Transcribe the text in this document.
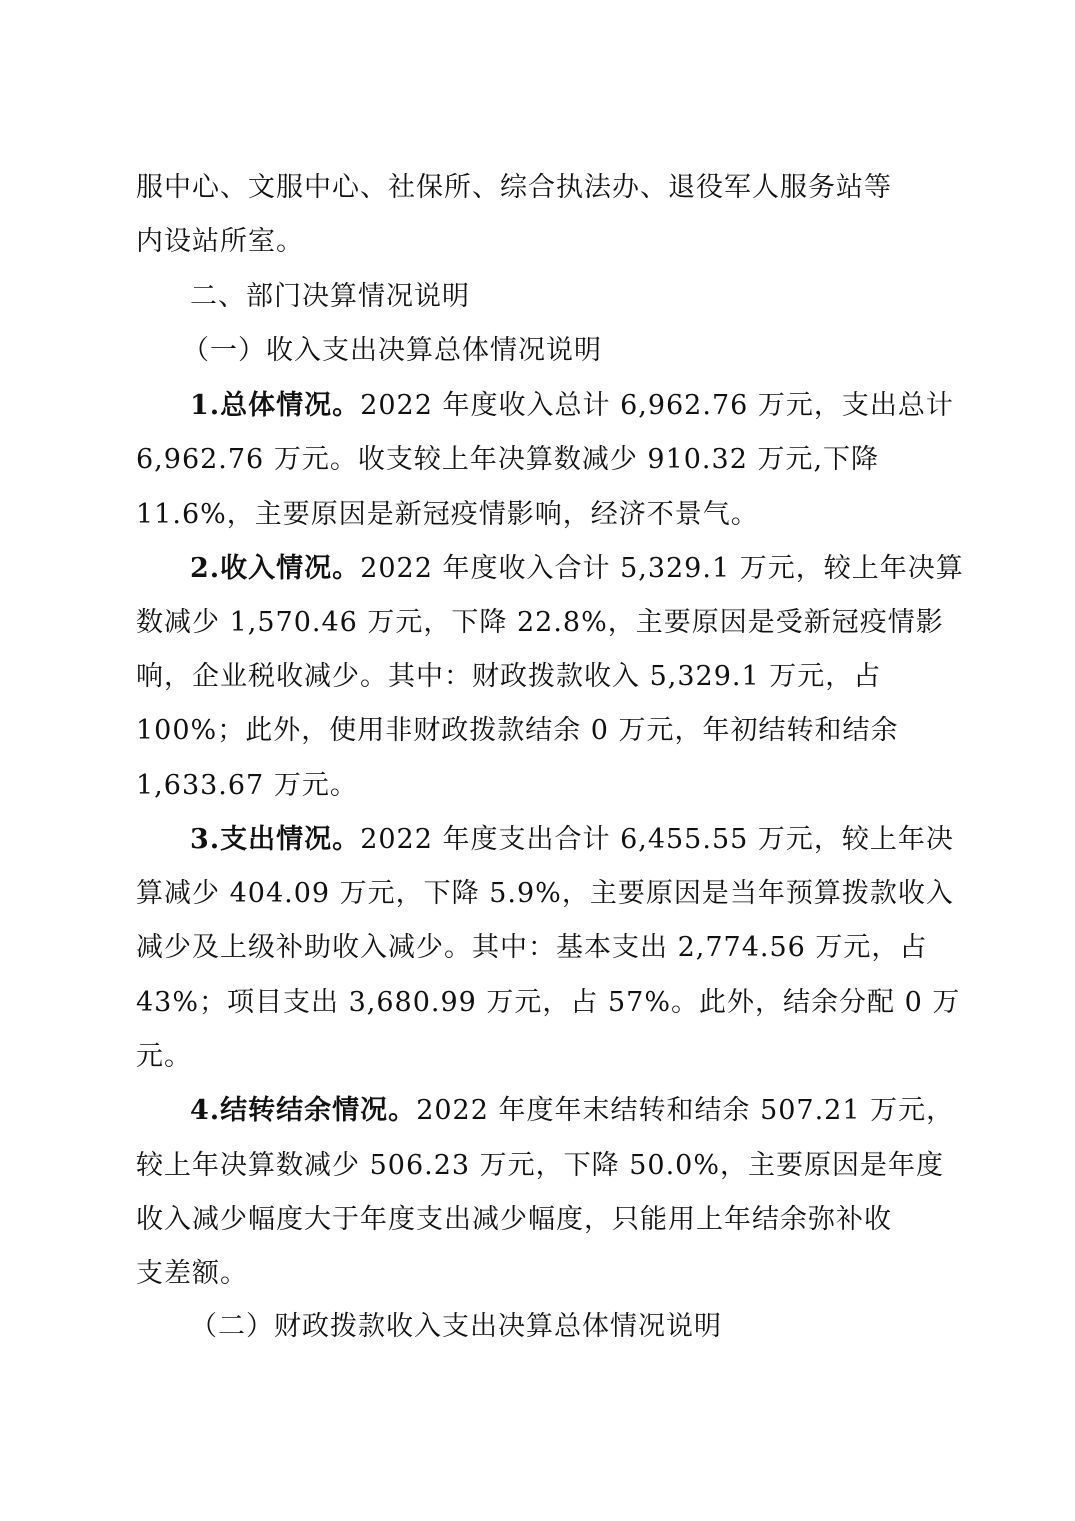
服中心、文服中心、社保所、综合执法办、退役军人服务站等
内设站所室。
二、部门决算情况说明
（一）收入支出决算总体情况说明
1.总体情况。2022 年度收入总计 6,962.76 万元，支出总计
6,962.76 万元。收支较上年决算数减少 910.32 万元,下降
11.6%，主要原因是新冠疫情影响，经济不景气。
2.收入情况。2022 年度收入合计 5,329.1 万元，较上年决算
数减少 1,570.46 万元，下降 22.8%，主要原因是受新冠疫情影
响，企业税收减少。其中：财政拨款收入 5,329.1 万元，占
100%；此外，使用非财政拨款结余 0 万元，年初结转和结余
1,633.67 万元。
3.支出情况。2022 年度支出合计 6,455.55 万元，较上年决
算减少 404.09 万元，下降 5.9%，主要原因是当年预算拨款收入
减少及上级补助收入减少。其中：基本支出 2,774.56 万元，占
43%；项目支出 3,680.99 万元，占 57%。此外，结余分配 0 万
元。
4.结转结余情况。2022 年度年末结转和结余 507.21 万元，
较上年决算数减少 506.23 万元，下降 50.0%，主要原因是年度
收入减少幅度大于年度支出减少幅度，只能用上年结余弥补收
支差额。
（二）财政拨款收入支出决算总体情况说明
